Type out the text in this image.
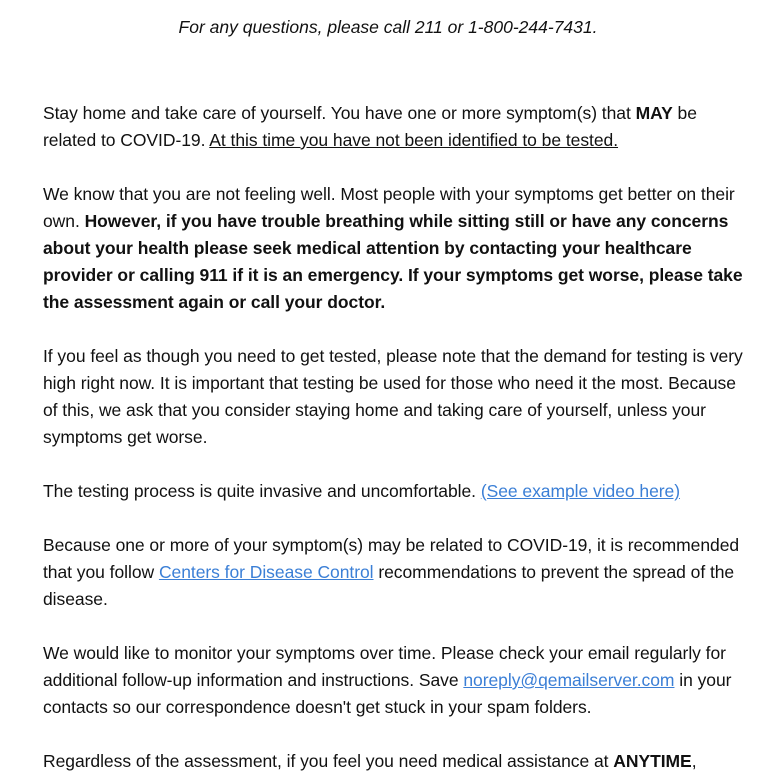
For any questions, please call 211 or 1-800-244-7431.

Stay home and take care of yourself. You have one or more symptom(s) that MAY be related to COVID-19. At this time you have not been identified to be tested.

We know that you are not feeling well. Most people with your symptoms get better on their own. However, if you have trouble breathing while sitting still or have any concerns about your health please seek medical attention by contacting your healthcare provider or calling 911 if it is an emergency. If your symptoms get worse, please take the assessment again or call your doctor.

If you feel as though you need to get tested, please note that the demand for testing is very high right now. It is important that testing be used for those who need it the most. Because of this, we ask that you consider staying home and taking care of yourself, unless your symptoms get worse.

The testing process is quite invasive and uncomfortable. (See example video here)

Because one or more of your symptom(s) may be related to COVID-19, it is recommended that you follow Centers for Disease Control recommendations to prevent the spread of the disease.

We would like to monitor your symptoms over time. Please check your email regularly for additional follow-up information and instructions. Save noreply@qemailserver.com in your contacts so our correspondence doesn't get stuck in your spam folders.

Regardless of the assessment, if you feel you need medical assistance at ANYTIME,
